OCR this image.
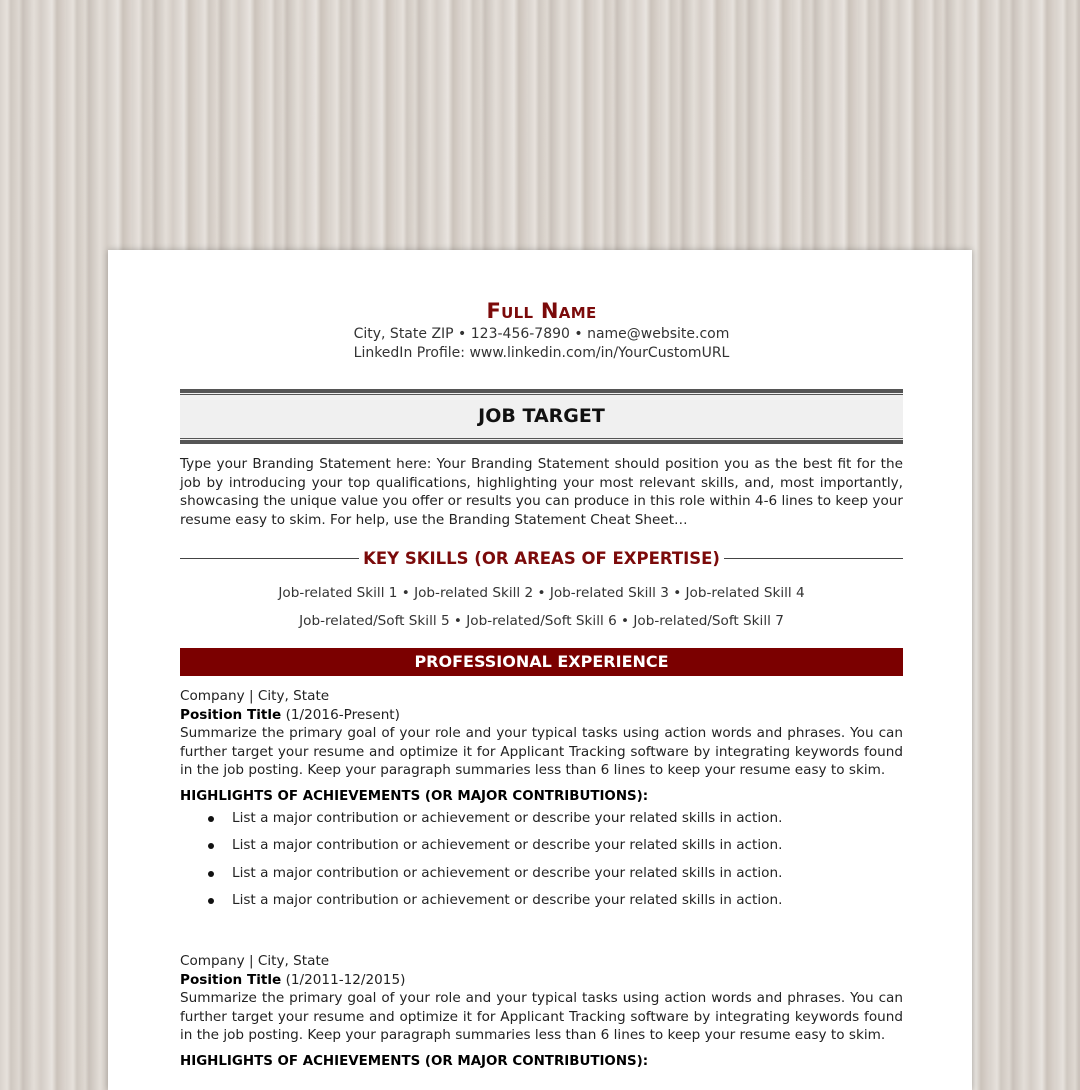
Full Name
City, State ZIP • 123-456-7890 • name@website.com
LinkedIn Profile: www.linkedin.com/in/YourCustomURL
JOB TARGET
Type your Branding Statement here: Your Branding Statement should position you as the best fit for the job by introducing your top qualifications, highlighting your most relevant skills, and, most importantly, showcasing the unique value you offer or results you can produce in this role within 4-6 lines to keep your resume easy to skim. For help, use the Branding Statement Cheat Sheet…
KEY SKILLS (OR AREAS OF EXPERTISE)
Job-related Skill 1 • Job-related Skill 2 • Job-related Skill 3 • Job-related Skill 4
Job-related/Soft Skill 5 • Job-related/Soft Skill 6 • Job-related/Soft Skill 7
PROFESSIONAL EXPERIENCE
Company | City, State
Position Title (1/2016-Present)
Summarize the primary goal of your role and your typical tasks using action words and phrases. You can further target your resume and optimize it for Applicant Tracking software by integrating keywords found in the job posting. Keep your paragraph summaries less than 6 lines to keep your resume easy to skim.
HIGHLIGHTS OF ACHIEVEMENTS (OR MAJOR CONTRIBUTIONS):
List a major contribution or achievement or describe your related skills in action.
List a major contribution or achievement or describe your related skills in action.
List a major contribution or achievement or describe your related skills in action.
List a major contribution or achievement or describe your related skills in action.
Company | City, State
Position Title (1/2011-12/2015)
Summarize the primary goal of your role and your typical tasks using action words and phrases. You can further target your resume and optimize it for Applicant Tracking software by integrating keywords found in the job posting. Keep your paragraph summaries less than 6 lines to keep your resume easy to skim.
HIGHLIGHTS OF ACHIEVEMENTS (OR MAJOR CONTRIBUTIONS):
